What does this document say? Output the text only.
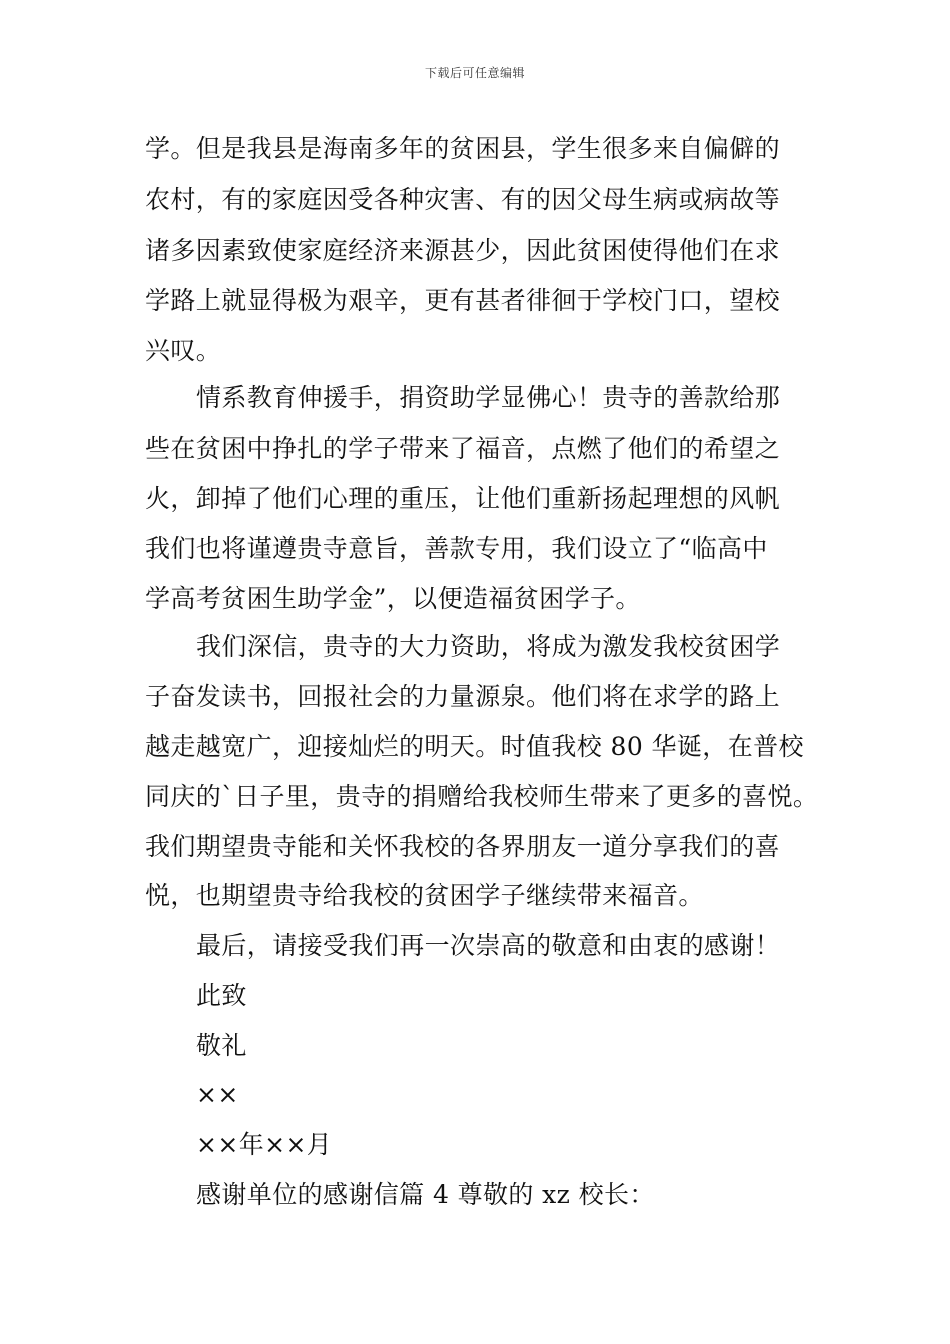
下载后可任意编辑
学。但是我县是海南多年的贫困县，学生很多来自偏僻的
农村，有的家庭因受各种灾害、有的因父母生病或病故等
诸多因素致使家庭经济来源甚少，因此贫困使得他们在求
学路上就显得极为艰辛，更有甚者徘徊于学校门口，望校
兴叹。
情系教育伸援手，捐资助学显佛心！贵寺的善款给那
些在贫困中挣扎的学子带来了福音，点燃了他们的希望之
火，卸掉了他们心理的重压，让他们重新扬起理想的风帆
我们也将谨遵贵寺意旨，善款专用，我们设立了“临高中
学高考贫困生助学金”，以便造福贫困学子。
我们深信，贵寺的大力资助，将成为激发我校贫困学
子奋发读书，回报社会的力量源泉。他们将在求学的路上
越走越宽广，迎接灿烂的明天。时值我校 80 华诞，在普校
同庆的`日子里，贵寺的捐赠给我校师生带来了更多的喜悦。
我们期望贵寺能和关怀我校的各界朋友一道分享我们的喜
悦，也期望贵寺给我校的贫困学子继续带来福音。
最后，请接受我们再一次崇高的敬意和由衷的感谢！
此致
敬礼
××
××年××月
感谢单位的感谢信篇 4 尊敬的 xz 校长：
